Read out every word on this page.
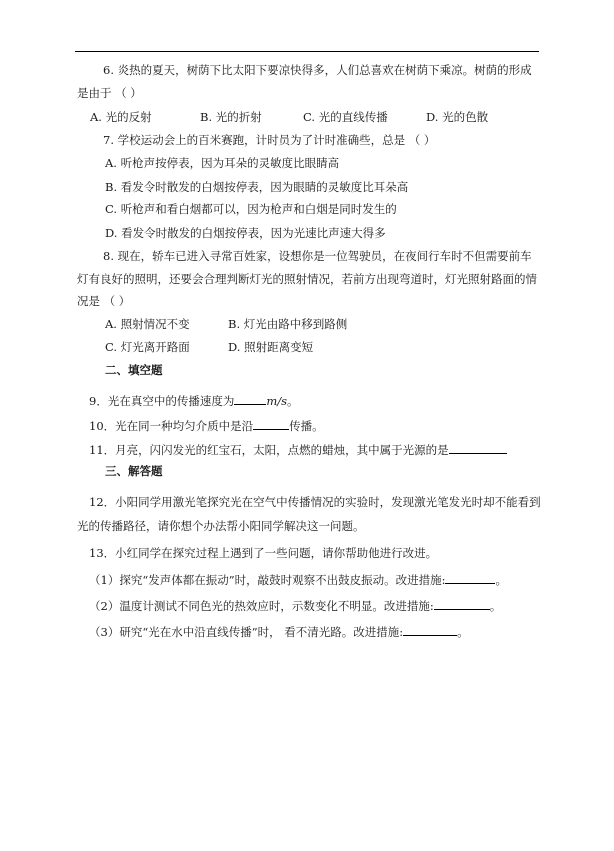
6. 炎热的夏天，树荫下比太阳下要凉快得多，人们总喜欢在树荫下乘凉。树荫的形成
是由于 （ ）
A. 光的反射	B. 光的折射	C. 光的直线传播	D. 光的色散
7. 学校运动会上的百米赛跑，计时员为了计时准确些，总是 （ ）
A. 听枪声按停表，因为耳朵的灵敏度比眼睛高
B. 看发令时散发的白烟按停表，因为眼睛的灵敏度比耳朵高
C. 听枪声和看白烟都可以，因为枪声和白烟是同时发生的
D. 看发令时散发的白烟按停表，因为光速比声速大得多
8. 现在，轿车已进入寻常百姓家，设想你是一位驾驶员，在夜间行车时不但需要前车
灯有良好的照明，还要会合理判断灯光的照射情况，若前方出现弯道时，灯光照射路面的情
况是 （ ）
A. 照射情况不变	B. 灯光由路中移到路侧
C. 灯光离开路面	D. 照射距离变短
二、填空题
9．光在真空中的传播速度为	m/s。
10．光在同一种均匀介质中是沿	传播。
11．月亮，闪闪发光的红宝石，太阳，点燃的蜡烛，其中属于光源的是
三、解答题
12．小阳同学用激光笔探究光在空气中传播情况的实验时，发现激光笔发光时却不能看到
光的传播路径，请你想个办法帮小阳同学解决这一问题。
13．小红同学在探究过程上遇到了一些问题，请你帮助他进行改进。
（1）探究“发声体都在振动”时，敲鼓时观察不出鼓皮振动。改进措施:	。
（2）温度计测试不同色光的热效应时，示数变化不明显。改进措施:	。
（3）研究“光在水中沿直线传播”时， 看不清光路。改进措施:	。
